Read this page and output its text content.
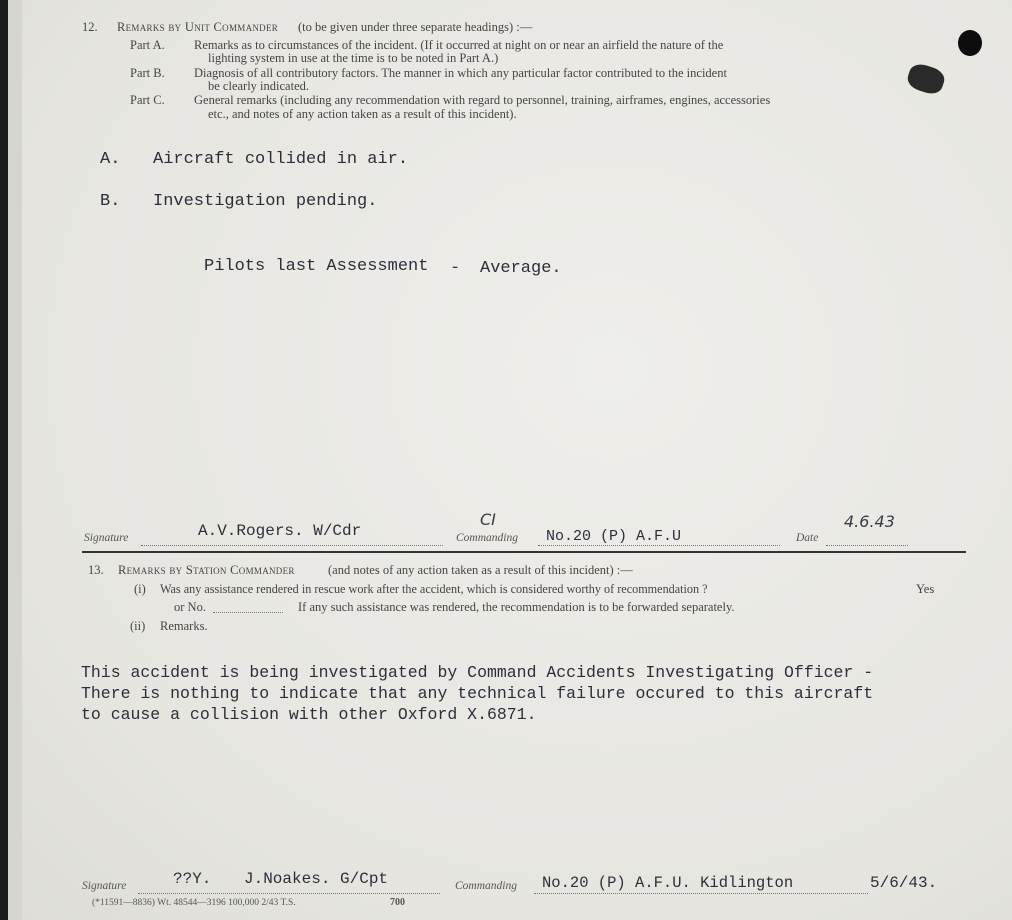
12. Remarks by Unit Commander (to be given under three separate headings) :—
Part A. Remarks as to circumstances of the incident. (If it occurred at night on or near an airfield the nature of the
lighting system in use at the time is to be noted in Part A.)
Part B. Diagnosis of all contributory factors. The manner in which any particular factor contributed to the incident
be clearly indicated.
Part C. General remarks (including any recommendation with regard to personnel, training, airframes, engines, accessories
etc., and notes of any action taken as a result of this incident).
A. Aircraft collided in air.
B. Investigation pending.
Pilots last Assessment - Average.
Signature	A.V.Rogers. W/Cdr	Commanding
CI
No.20 (P) A.F.U	Date
4.6.43
13. Remarks by Station Commander	(and notes of any action taken as a result of this incident) :—
(i) Was any assistance rendered in rescue work after the accident, which is considered worthy of recommendation ?	Yes
or No.	If any such assistance was rendered, the recommendation is to be forwarded separately.
(ii) Remarks.
This accident is being investigated by Command Accidents Investigating Officer -
There is nothing to indicate that any technical failure occured to this aircraft
to cause a collision with other Oxford X.6871.
Signature	??Y. J.Noakes. G/Cpt	Commanding No.20 (P) A.F.U. Kidlington	5/6/43.
(*11591—8836) Wt. 48544—3196 100,000 2/43 T.S.	700
